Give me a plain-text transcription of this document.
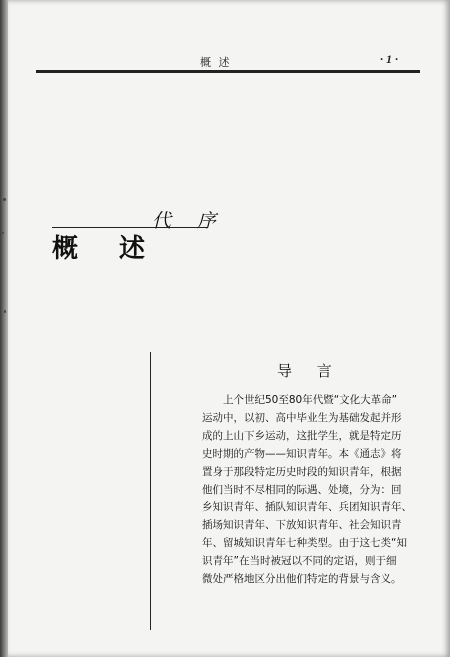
概 述	· 1 ·
代 序
概 述
导 言
上个世纪50至80年代暨“文化大革命”
运动中，以初、高中毕业生为基础发起并形
成的上山下乡运动，这批学生，就是特定历
史时期的产物——知识青年。本《通志》将
置身于那段特定历史时段的知识青年，根据
他们当时不尽相同的际遇、处境，分为：回
乡知识青年、插队知识青年、兵团知识青年、
插场知识青年、下放知识青年、社会知识青
年、留城知识青年七种类型。由于这七类“知
识青年”在当时被冠以不同的定语，则于细
微处严格地区分出他们特定的背景与含义。
